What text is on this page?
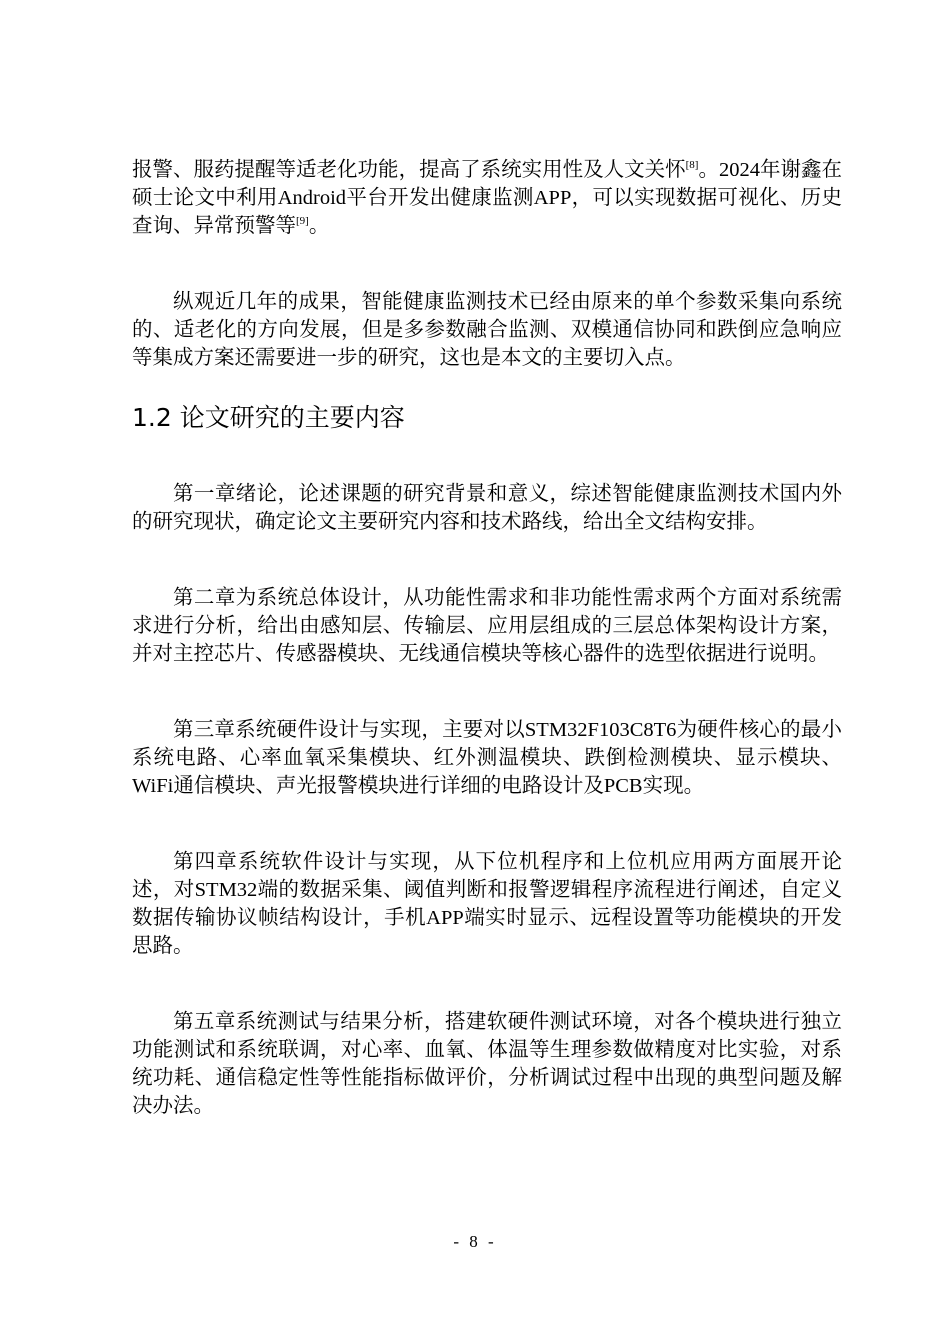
报警、服药提醒等适老化功能，提高了系统实用性及人文关怀[8]。2024年谢鑫在硕士论文中利用Android平台开发出健康监测APP，可以实现数据可视化、历史查询、异常预警等[9]。

纵观近几年的成果，智能健康监测技术已经由原来的单个参数采集向系统的、适老化的方向发展，但是多参数融合监测、双模通信协同和跌倒应急响应等集成方案还需要进一步的研究，这也是本文的主要切入点。

1.2 论文研究的主要内容

第一章绪论，论述课题的研究背景和意义，综述智能健康监测技术国内外的研究现状，确定论文主要研究内容和技术路线，给出全文结构安排。

第二章为系统总体设计，从功能性需求和非功能性需求两个方面对系统需求进行分析，给出由感知层、传输层、应用层组成的三层总体架构设计方案，并对主控芯片、传感器模块、无线通信模块等核心器件的选型依据进行说明。

第三章系统硬件设计与实现，主要对以STM32F103C8T6为硬件核心的最小系统电路、心率血氧采集模块、红外测温模块、跌倒检测模块、显示模块、WiFi通信模块、声光报警模块进行详细的电路设计及PCB实现。

第四章系统软件设计与实现，从下位机程序和上位机应用两方面展开论述，对STM32端的数据采集、阈值判断和报警逻辑程序流程进行阐述，自定义数据传输协议帧结构设计，手机APP端实时显示、远程设置等功能模块的开发思路。

第五章系统测试与结果分析，搭建软硬件测试环境，对各个模块进行独立功能测试和系统联调，对心率、血氧、体温等生理参数做精度对比实验，对系统功耗、通信稳定性等性能指标做评价，分析调试过程中出现的典型问题及解决办法。

- 8 -
